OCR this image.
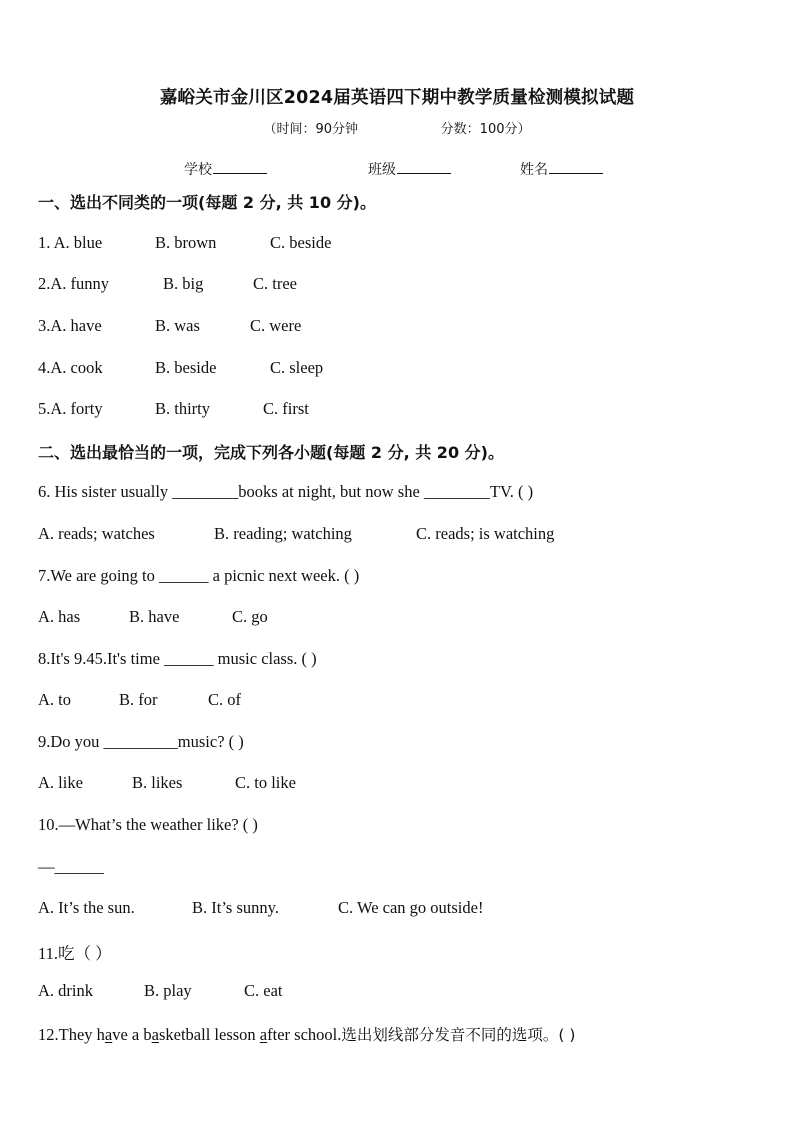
嘉峪关市金川区2024届英语四下期中教学质量检测模拟试题
（时间：90分钟                    分数：100分）
学校	班级	姓名
一、选出不同类的一项(每题 2 分, 共 10 分)。
1. A. blue	B. brown	C. beside
2.A. funny	B. big	C. tree
3.A. have	B. was	C. were
4.A. cook	B. beside	C. sleep
5.A. forty	B. thirty	C. first
二、选出最恰当的一项，完成下列各小题(每题 2 分, 共 20 分)。
6. His sister usually ________books at night, but now she ________TV. ( )
A. reads; watches	B. reading; watching	C. reads; is watching
7.We are going to ______ a picnic next week. ( )
A. has	B. have	C. go
8.It's 9.45.It's time ______ music class. ( )
A. to	B. for	C. of
9.Do you _________music? ( )
A. like	B. likes	C. to like
10.—What’s the weather like? ( )
—______
A. It’s the sun.	B. It’s sunny.	C. We can go outside!
11.吃（ ）
A. drink	B. play	C. eat
12.They have a basketball lesson after school.选出划线部分发音不同的选项。( )
